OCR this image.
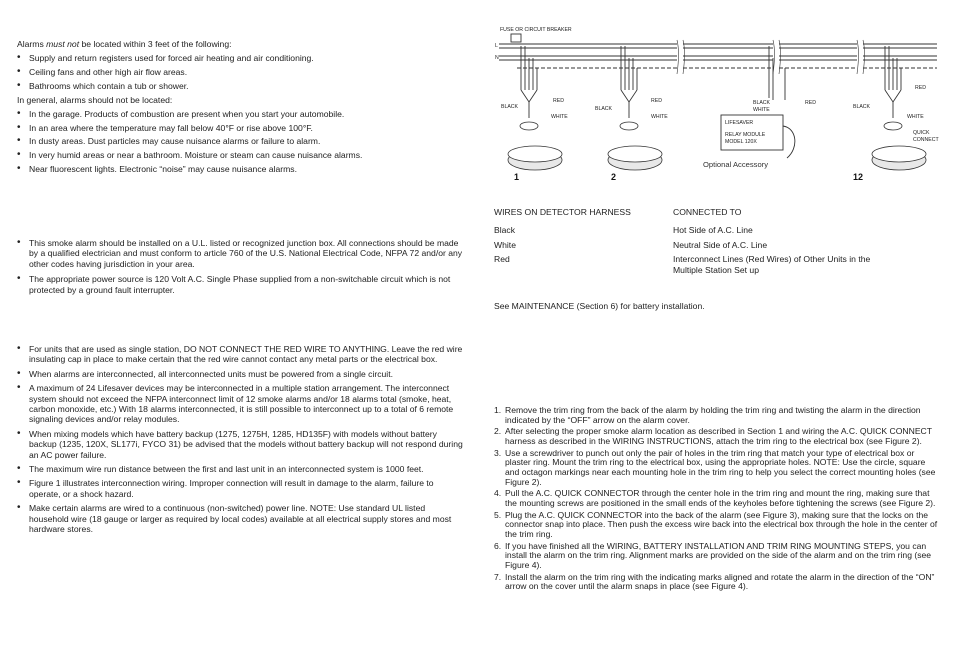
Alarms must not be located within 3 feet of the following:

• Supply and return registers used for forced air heating and air conditioning.
• Ceiling fans and other high air flow areas.
• Bathrooms which contain a tub or shower.

In general, alarms should not be located:

• In the garage. Products of combustion are present when you start your automobile.
• In an area where the temperature may fall below 40°F or rise above 100°F.
• In dusty areas. Dust particles may cause nuisance alarms or failure to alarm.
• In very humid areas or near a bathroom. Moisture or steam can cause nuisance alarms.
• Near fluorescent lights. Electronic “noise” may cause nuisance alarms.
• This smoke alarm should be installed on a U.L. listed or recognized junction box. All connections should be made by a qualified electrician and must conform to article 760 of the U.S. National Electrical Code, NFPA 72 and/or any other codes having jurisdiction in your area.
• The appropriate power source is 120 Volt A.C. Single Phase supplied from a non-switchable circuit which is not protected by a ground fault interrupter.
• For units that are used as single station, DO NOT CONNECT THE RED WIRE TO ANYTHING. Leave the red wire insulating cap in place to make certain that the red wire cannot contact any metal parts or the electrical box.
• When alarms are interconnected, all interconnected units must be powered from a single circuit.
• A maximum of 24 Lifesaver devices may be interconnected in a multiple station arrangement. The interconnect system should not exceed the NFPA interconnect limit of 12 smoke alarms and/or 18 alarms total (smoke, heat, carbon monoxide, etc.) With 18 alarms interconnected, it is still possible to interconnect up to a total of 6 remote signaling devices and/or relay modules.
• When mixing models which have battery backup (1275, 1275H, 1285, HD135F) with models without battery backup (1235, 120X, SL177i, FYCO 31) be advised that the models without battery backup will not respond during an AC power failure.
• The maximum wire run distance between the first and last unit in an interconnected system is 1000 feet.
• Figure 1 illustrates interconnection wiring. Improper connection will result in damage to the alarm, failure to operate, or a shock hazard.
• Make certain alarms are wired to a continuous (non-switched) power line. NOTE: Use standard UL listed household wire (18 gauge or larger as required by local codes) available at all electrical supply stores and most hardware stores.
FUSE OR CIRCUIT BREAKER
L
N
BLACK
RED
WHITE
BLACK
RED
WHITE
BLACK
WHITE
RED
LIFESAVER
RELAY MODULE
MODEL 120X
BLACK
RED
WHITE
QUICK
CONNECT
Optional Accessory
1	2	12
WIRES ON DETECTOR HARNESS	CONNECTED TO

Black	Hot Side of A.C. Line

White	Neutral Side of A.C. Line

Red	Interconnect Lines (Red Wires) of Other Units in the Multiple Station Set up

See MAINTENANCE (Section 6) for battery installation.

1. Remove the trim ring from the back of the alarm by holding the trim ring and twisting the alarm in the direction indicated by the “OFF” arrow on the alarm cover.
2. After selecting the proper smoke alarm location as described in Section 1 and wiring the A.C. QUICK CONNECT harness as described in the WIRING INSTRUCTIONS, attach the trim ring to the electrical box (see Figure 2).
3. Use a screwdriver to punch out only the pair of holes in the trim ring that match your type of electrical box or plaster ring. Mount the trim ring to the electrical box, using the appropriate holes. NOTE: Use the circle, square and octagon markings near each mounting hole in the trim ring to help you select the correct mounting holes (see Figure 2).
4. Pull the A.C. QUICK CONNECTOR through the center hole in the trim ring and mount the ring, making sure that the mounting screws are positioned in the small ends of the keyholes before tightening the screws (see Figure 2).
5. Plug the A.C. QUICK CONNECTOR into the back of the alarm (see Figure 3), making sure that the locks on the connector snap into place. Then push the excess wire back into the electrical box through the hole in the center of the trim ring.
6. If you have finished all the WIRING, BATTERY INSTALLATION AND TRIM RING MOUNTING STEPS, you can install the alarm on the trim ring. Alignment marks are provided on the side of the alarm and on the trim ring (see Figure 4).
7. Install the alarm on the trim ring with the indicating marks aligned and rotate the alarm in the direction of the “ON” arrow on the cover until the alarm snaps in place (see Figure 4).
